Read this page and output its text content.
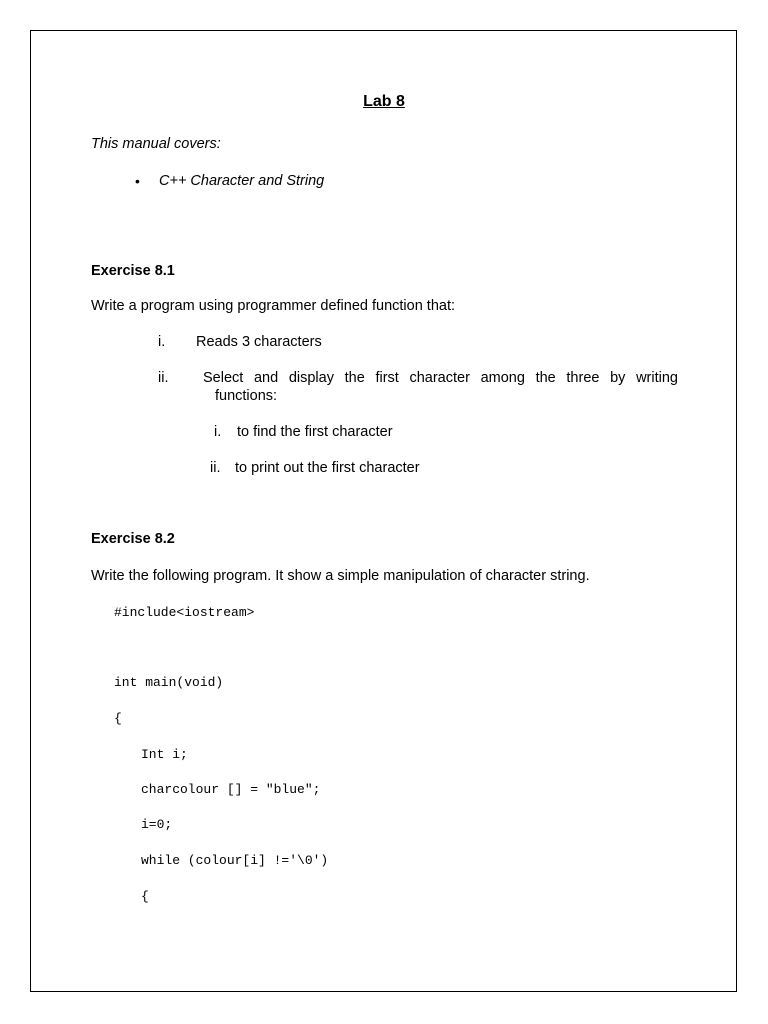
Lab 8
This manual covers:
• C++ Character and String
Exercise 8.1
Write a program using programmer defined function that:
i. Reads 3 characters
ii. Select and display the first character among the three by writing
functions:
i. to find the first character
ii. to print out the first character
Exercise 8.2
Write the following program. It show a simple manipulation of character string.
#include<iostream>
int main(void)
{
Int i;
charcolour [] = "blue";
i=0;
while (colour[i] !='\0')
{
